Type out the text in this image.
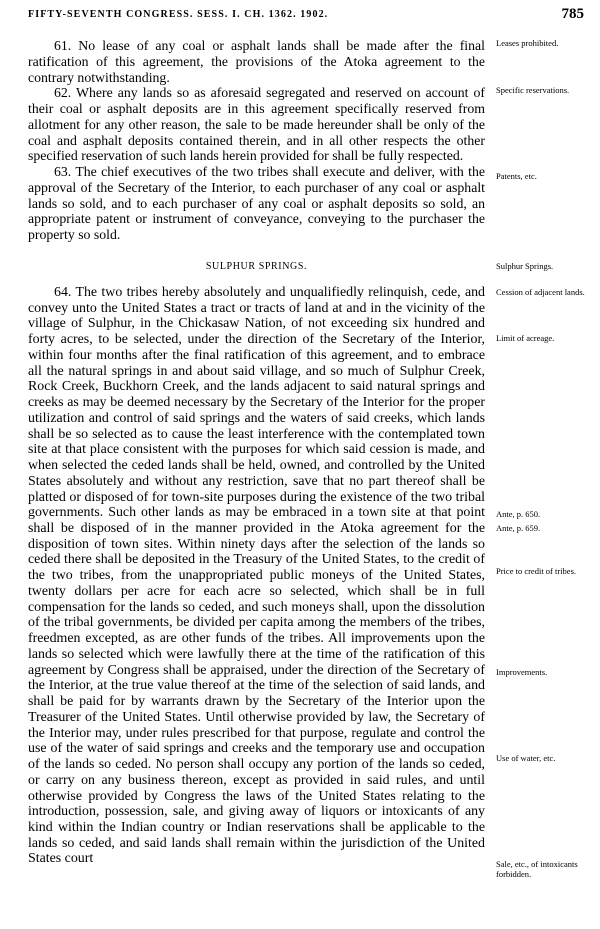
FIFTY-SEVENTH CONGRESS. SESS. I. CH. 1362. 1902.	785

61. No lease of any coal or asphalt lands shall be made after the final ratification of this agreement, the provisions of the Atoka agreement to the contrary notwithstanding.

62. Where any lands so as aforesaid segregated and reserved on account of their coal or asphalt deposits are in this agreement specifically reserved from allotment for any other reason, the sale to be made hereunder shall be only of the coal and asphalt deposits contained therein, and in all other respects the other specified reservation of such lands herein provided for shall be fully respected.

63. The chief executives of the two tribes shall execute and deliver, with the approval of the Secretary of the Interior, to each purchaser of any coal or asphalt lands so sold, and to each purchaser of any coal or asphalt deposits so sold, an appropriate patent or instrument of conveyance, conveying to the purchaser the property so sold.

SULPHUR SPRINGS.

64. The two tribes hereby absolutely and unqualifiedly relinquish, cede, and convey unto the United States a tract or tracts of land at and in the vicinity of the village of Sulphur, in the Chickasaw Nation, of not exceeding six hundred and forty acres, to be selected, under the direction of the Secretary of the Interior, within four months after the final ratification of this agreement, and to embrace all the natural springs in and about said village, and so much of Sulphur Creek, Rock Creek, Buckhorn Creek, and the lands adjacent to said natural springs and creeks as may be deemed necessary by the Secretary of the Interior for the proper utilization and control of said springs and the waters of said creeks, which lands shall be so selected as to cause the least interference with the contemplated town site at that place consistent with the purposes for which said cession is made, and when selected the ceded lands shall be held, owned, and controlled by the United States absolutely and without any restriction, save that no part thereof shall be platted or disposed of for town-site purposes during the existence of the two tribal governments. Such other lands as may be embraced in a town site at that point shall be disposed of in the manner provided in the Atoka agreement for the disposition of town sites. Within ninety days after the selection of the lands so ceded there shall be deposited in the Treasury of the United States, to the credit of the two tribes, from the unappropriated public moneys of the United States, twenty dollars per acre for each acre so selected, which shall be in full compensation for the lands so ceded, and such moneys shall, upon the dissolution of the tribal governments, be divided per capita among the members of the tribes, freedmen excepted, as are other funds of the tribes. All improvements upon the lands so selected which were lawfully there at the time of the ratification of this agreement by Congress shall be appraised, under the direction of the Secretary of the Interior, at the true value thereof at the time of the selection of said lands, and shall be paid for by warrants drawn by the Secretary of the Interior upon the Treasurer of the United States. Until otherwise provided by law, the Secretary of the Interior may, under rules prescribed for that purpose, regulate and control the use of the water of said springs and creeks and the temporary use and occupation of the lands so ceded. No person shall occupy any portion of the lands so ceded, or carry on any business thereon, except as provided in said rules, and until otherwise provided by Congress the laws of the United States relating to the introduction, possession, sale, and giving away of liquors or intoxicants of any kind within the Indian country or Indian reservations shall be applicable to the lands so ceded, and said lands shall remain within the jurisdiction of the United States court

Leases prohibited.
Specific reservations.
Patents, etc.
Sulphur Springs.
Cession of adjacent lands.
Limit of acreage.
Ante, p. 650.
Ante, p. 659.
Price to credit of tribes.
Improvements.
Use of water, etc.
Sale, etc., of intoxicants forbidden.
